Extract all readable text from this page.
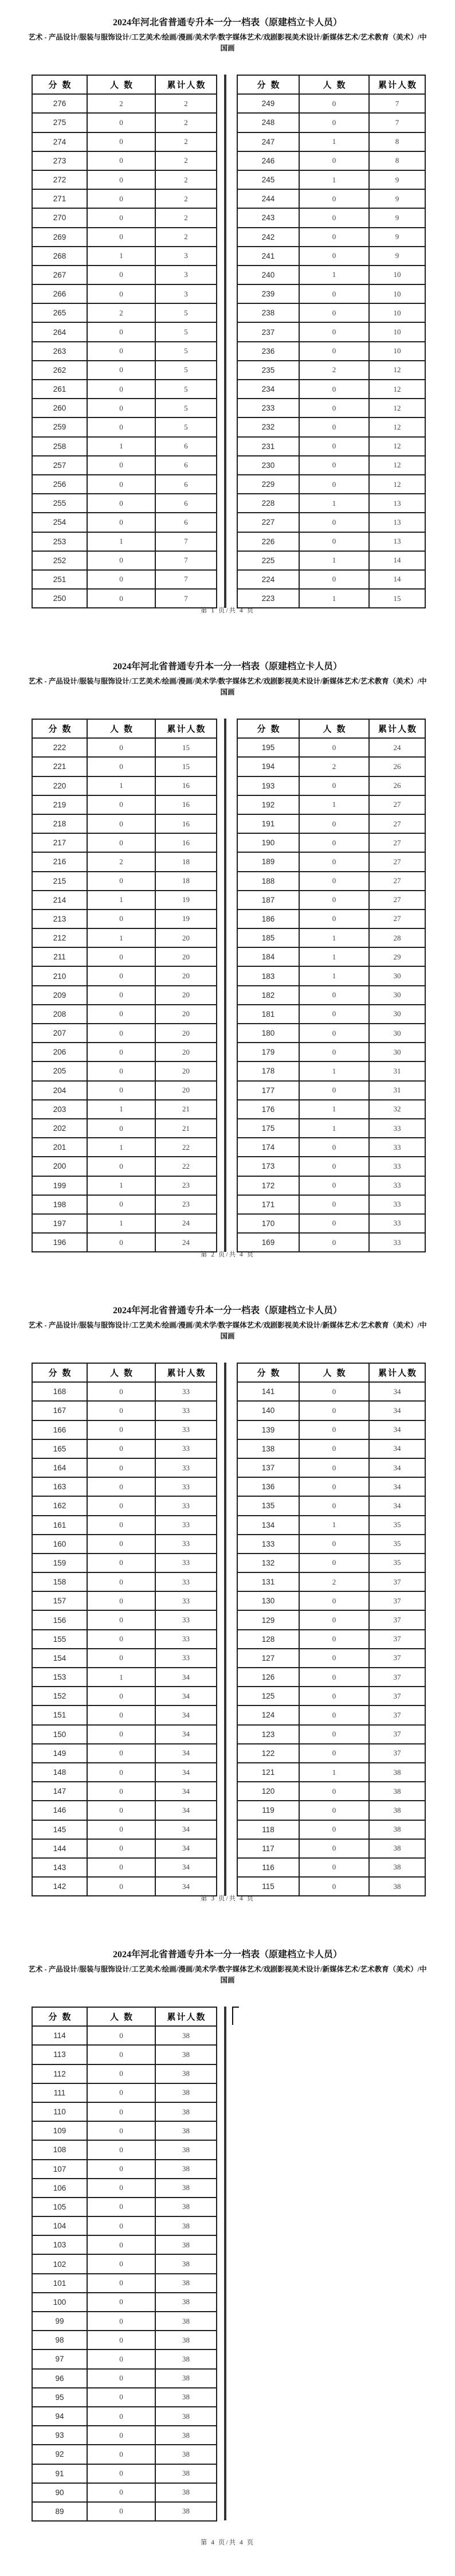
2024年河北省普通专升本一分一档表（原建档立卡人员）
艺术 - 产品设计/服装与服饰设计/工艺美术/绘画/漫画/美术学/数字媒体艺术/戏剧影视美术设计/新媒体艺术/艺术教育（美术）/中国画
分数	人数	累计人数
276	2	2
275	0	2
274	0	2
273	0	2
272	0	2
271	0	2
270	0	2
269	0	2
268	1	3
267	0	3
266	0	3
265	2	5
264	0	5
263	0	5
262	0	5
261	0	5
260	0	5
259	0	5
258	1	6
257	0	6
256	0	6
255	0	6
254	0	6
253	1	7
252	0	7
251	0	7
250	0	7
分数	人数	累计人数
249	0	7
248	0	7
247	1	8
246	0	8
245	1	9
244	0	9
243	0	9
242	0	9
241	0	9
240	1	10
239	0	10
238	0	10
237	0	10
236	0	10
235	2	12
234	0	12
233	0	12
232	0	12
231	0	12
230	0	12
229	0	12
228	1	13
227	0	13
226	0	13
225	1	14
224	0	14
223	1	15
第 1 页/共 4 页
2024年河北省普通专升本一分一档表（原建档立卡人员）
艺术 - 产品设计/服装与服饰设计/工艺美术/绘画/漫画/美术学/数字媒体艺术/戏剧影视美术设计/新媒体艺术/艺术教育（美术）/中国画
分数	人数	累计人数
222	0	15
221	0	15
220	1	16
219	0	16
218	0	16
217	0	16
216	2	18
215	0	18
214	1	19
213	0	19
212	1	20
211	0	20
210	0	20
209	0	20
208	0	20
207	0	20
206	0	20
205	0	20
204	0	20
203	1	21
202	0	21
201	1	22
200	0	22
199	1	23
198	0	23
197	1	24
196	0	24
分数	人数	累计人数
195	0	24
194	2	26
193	0	26
192	1	27
191	0	27
190	0	27
189	0	27
188	0	27
187	0	27
186	0	27
185	1	28
184	1	29
183	1	30
182	0	30
181	0	30
180	0	30
179	0	30
178	1	31
177	0	31
176	1	32
175	1	33
174	0	33
173	0	33
172	0	33
171	0	33
170	0	33
169	0	33
第 2 页/共 4 页
2024年河北省普通专升本一分一档表（原建档立卡人员）
艺术 - 产品设计/服装与服饰设计/工艺美术/绘画/漫画/美术学/数字媒体艺术/戏剧影视美术设计/新媒体艺术/艺术教育（美术）/中国画
分数	人数	累计人数
168	0	33
167	0	33
166	0	33
165	0	33
164	0	33
163	0	33
162	0	33
161	0	33
160	0	33
159	0	33
158	0	33
157	0	33
156	0	33
155	0	33
154	0	33
153	1	34
152	0	34
151	0	34
150	0	34
149	0	34
148	0	34
147	0	34
146	0	34
145	0	34
144	0	34
143	0	34
142	0	34
分数	人数	累计人数
141	0	34
140	0	34
139	0	34
138	0	34
137	0	34
136	0	34
135	0	34
134	1	35
133	0	35
132	0	35
131	2	37
130	0	37
129	0	37
128	0	37
127	0	37
126	0	37
125	0	37
124	0	37
123	0	37
122	0	37
121	1	38
120	0	38
119	0	38
118	0	38
117	0	38
116	0	38
115	0	38
第 3 页/共 4 页
2024年河北省普通专升本一分一档表（原建档立卡人员）
艺术 - 产品设计/服装与服饰设计/工艺美术/绘画/漫画/美术学/数字媒体艺术/戏剧影视美术设计/新媒体艺术/艺术教育（美术）/中国画
分数	人数	累计人数
114	0	38
113	0	38
112	0	38
111	0	38
110	0	38
109	0	38
108	0	38
107	0	38
106	0	38
105	0	38
104	0	38
103	0	38
102	0	38
101	0	38
100	0	38
99	0	38
98	0	38
97	0	38
96	0	38
95	0	38
94	0	38
93	0	38
92	0	38
91	0	38
90	0	38
89	0	38
第 4 页/共 4 页
